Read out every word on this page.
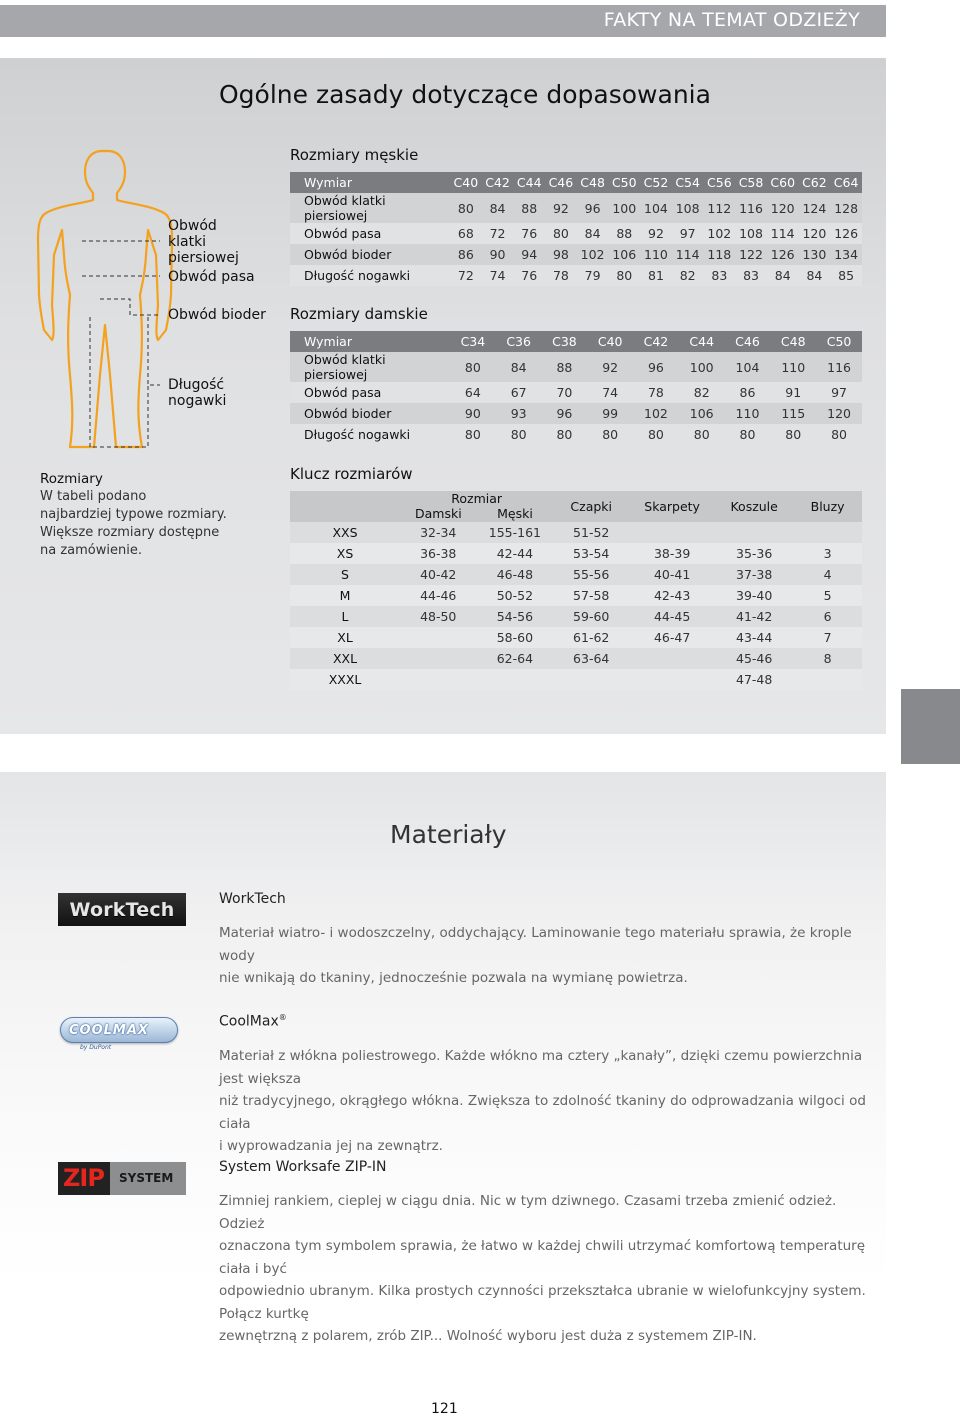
FAKTY NA TEMAT ODZIEŻY
Ogólne zasady dotyczące dopasowania
Obwód klatki piersiowej
Obwód pasa
Obwód bioder
Długość nogawki
Rozmiary męskie
Wymiar	C40	C42	C44	C46	C48	C50	C52	C54	C56	C58	C60	C62	C64
Obwód klatki piersiowej	80	84	88	92	96	100	104	108	112	116	120	124	128
Obwód pasa	68	72	76	80	84	88	92	97	102	108	114	120	126
Obwód bioder	86	90	94	98	102	106	110	114	118	122	126	130	134
Długość nogawki	72	74	76	78	79	80	81	82	83	83	84	84	85
Rozmiary damskie
Wymiar	C34	C36	C38	C40	C42	C44	C46	C48	C50
Obwód klatki piersiowej	80	84	88	92	96	100	104	110	116
Obwód pasa	64	67	70	74	78	82	86	91	97
Obwód bioder	90	93	96	99	102	106	110	115	120
Długość nogawki	80	80	80	80	80	80	80	80	80
Rozmiary
W tabeli podano
najbardziej typowe rozmiary.
Większe rozmiary dostępne
na zamówienie.
Klucz rozmiarów

	Rozmiar
Damski Męski		Czapki	Skarpety	Koszule	Bluzy
XXS	32-34	155-161	51-52			
XS	36-38	42-44	53-54	38-39	35-36	3
S	40-42	46-48	55-56	40-41	37-38	4
M	44-46	50-52	57-58	42-43	39-40	5
L	48-50	54-56	59-60	44-45	41-42	6
XL		58-60	61-62	46-47	43-44	7
XXL		62-64	63-64		45-46	8
XXXL					47-48	
Materiały
WorkTech	WorkTech
Materiał wiatro- i wodoszczelny, oddychający. Laminowanie tego materiału sprawia, że krople wody
nie wnikają do tkaniny, jednocześnie pozwala na wymianę powietrza.
COOLMAX
by DuPont
CoolMax®
Materiał z włókna poliestrowego. Każde włókno ma cztery „kanały”, dzięki czemu powierzchnia jest większa
niż tradycyjnego, okrągłego włókna. Zwiększa to zdolność tkaniny do odprowadzania wilgoci od ciała
i wyprowadzania jej na zewnątrz.
ZIP SYSTEM
System Worksafe ZIP-IN
Zimniej rankiem, cieplej w ciągu dnia. Nic w tym dziwnego. Czasami trzeba zmienić odzież. Odzież
oznaczona tym symbolem sprawia, że łatwo w każdej chwili utrzymać komfortową temperaturę ciała i być
odpowiednio ubranym. Kilka prostych czynności przekształca ubranie w wielofunkcyjny system. Połącz kurtkę
zewnętrzną z polarem, zrób ZIP... Wolność wyboru jest duża z systemem ZIP-IN.
121
